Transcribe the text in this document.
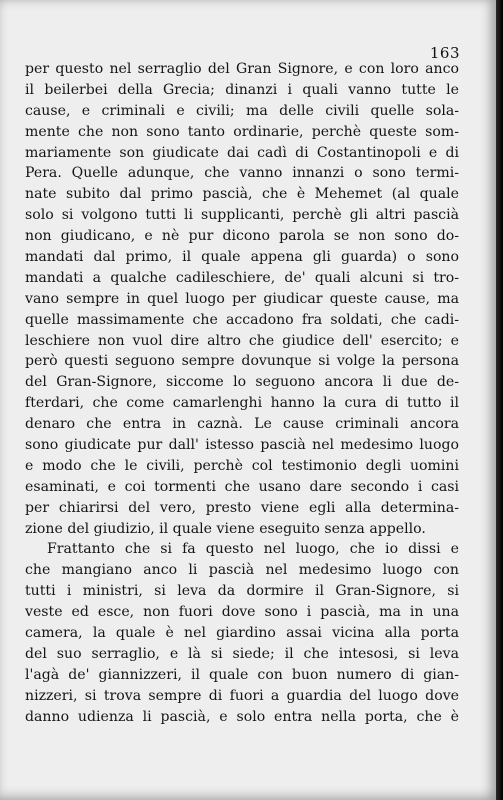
163
per questo nel serraglio del Gran Signore, e con loro anco
il beilerbei della Grecia; dinanzi i quali vanno tutte le
cause, e criminali e civili; ma delle civili quelle sola-
mente che non sono tanto ordinarie, perchè queste som-
mariamente son giudicate dai cadì di Costantinopoli e di
Pera. Quelle adunque, che vanno innanzi o sono termi-
nate subito dal primo pascià, che è Mehemet (al quale
solo si volgono tutti li supplicanti, perchè gli altri pascià
non giudicano, e nè pur dicono parola se non sono do-
mandati dal primo, il quale appena gli guarda) o sono
mandati a qualche cadileschiere, de' quali alcuni si tro-
vano sempre in quel luogo per giudicar queste cause, ma
quelle massimamente che accadono fra soldati, che cadi-
leschiere non vuol dire altro che giudice dell' esercito; e
però questi seguono sempre dovunque si volge la persona
del Gran-Signore, siccome lo seguono ancora li due de-
fterdari, che come camarlenghi hanno la cura di tutto il
denaro che entra in caznà. Le cause criminali ancora
sono giudicate pur dall' istesso pascià nel medesimo luogo
e modo che le civili, perchè col testimonio degli uomini
esaminati, e coi tormenti che usano dare secondo i casi
per chiarirsi del vero, presto viene egli alla determina-
zione del giudizio, il quale viene eseguito senza appello.
Frattanto che si fa questo nel luogo, che io dissi e
che mangiano anco li pascià nel medesimo luogo con
tutti i ministri, si leva da dormire il Gran-Signore, si
veste ed esce, non fuori dove sono i pascià, ma in una
camera, la quale è nel giardino assai vicina alla porta
del suo serraglio, e là si siede; il che intesosi, si leva
l'agà de' giannizzeri, il quale con buon numero di gian-
nizzeri, si trova sempre di fuori a guardia del luogo dove
danno udienza li pascià, e solo entra nella porta, che è
